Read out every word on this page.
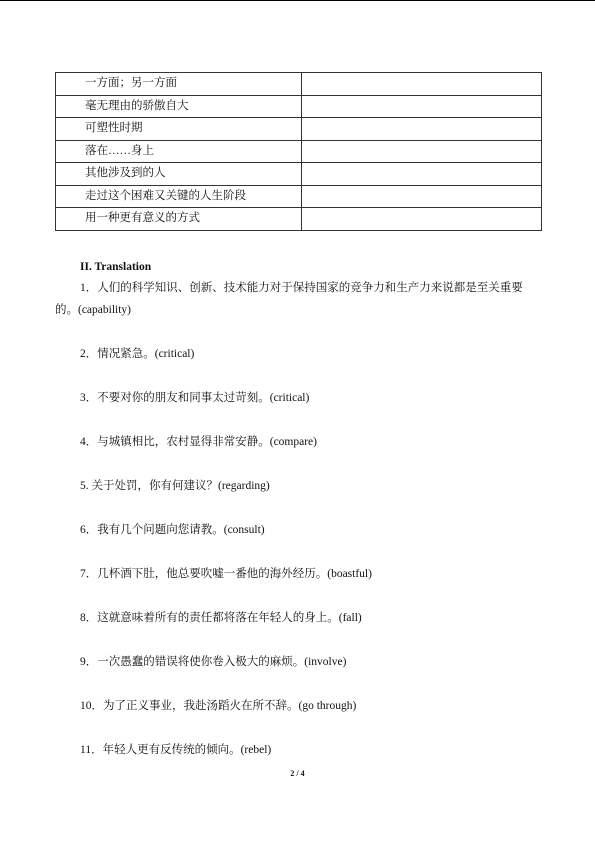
一方面；另一方面	
毫无理由的骄傲自大	
可塑性时期	
落在……身上	
其他涉及到的人	
走过这个困难又关键的人生阶段	
用一种更有意义的方式	
II. Translation
1．人们的科学知识、创新、技术能力对于保持国家的竞争力和生产力来说都是至关重要
的。(capability)
2．情况紧急。(critical)
3．不要对你的朋友和同事太过苛刻。(critical)
4．与城镇相比，农村显得非常安静。(compare)
5. 关于处罚，你有何建议？(regarding)
6．我有几个问题向您请教。(consult)
7．几杯酒下肚，他总要吹嘘一番他的海外经历。(boastful)
8．这就意味着所有的责任都将落在年轻人的身上。(fall)
9．一次愚蠢的错误将使你卷入极大的麻烦。(involve)
10．为了正义事业，我赴汤蹈火在所不辞。(go through)
11．年轻人更有反传统的倾向。(rebel)
2 / 4
